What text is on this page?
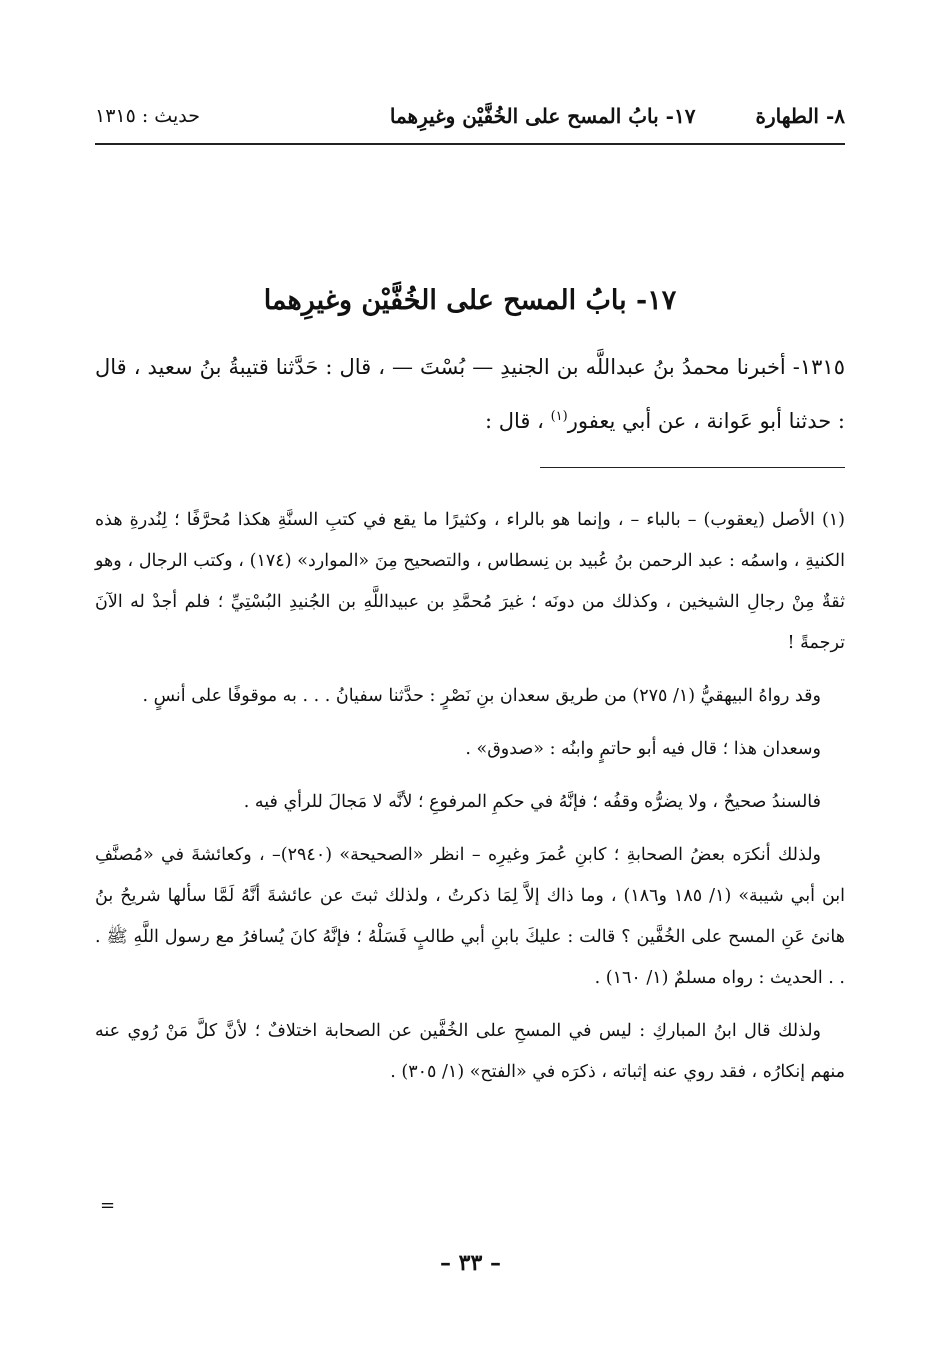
٨- الطهارة
١٧- بابُ المسح على الخُفَّيْن وغيرِهما
حديث : ١٣١٥
١٧- بابُ المسح على الخُفَّيْن وغيرِهما
١٣١٥- أخبرنا محمدُ بنُ عبداللَّه بن الجنيدِ — بُسْتَ — ، قال : حَدَّثنا قتيبةُ بنُ سعيد ، قال : حدثنا أبو عَوانة ، عن أبي يعفور$^{(١)}$ ، قال :

(١) الأصل (يعقوب) – بالباء – ، وإنما هو بالراء ، وكثيرًا ما يقع في كتبِ السنَّةِ هكذا مُحرَّفًا ؛ لِنُدرةِ هذه الكنيةِ ، واسمُه : عبد الرحمن بنُ عُبيد بن نِسطاس ، والتصحيح مِنَ «الموارد» (١٧٤) ، وكتب الرجال ، وهو ثقةٌ مِنْ رجالِ الشيخين ، وكذلك من دونَه ؛ غيرَ مُحمَّدِ بن عبيداللَّهِ بن الجُنيدِ البُسْتِيِّ ؛ فلم أجدْ له الآنَ ترجمةً !

وقد رواهُ البيهقيُّ (١/ ٢٧٥) من طريق سعدان بنِ نَصْرٍ : حدَّثنا سفيانُ . . . به موقوفًا على أنسٍ .

وسعدان هذا ؛ قال فيه أبو حاتمٍ وابنُه : «صدوق» .

فالسندُ صحيحٌ ، ولا يضرُّه وقفُه ؛ فإنَّهُ في حكمِ المرفوعِ ؛ لأنَّه لا مَجالَ للرأي فيه .

ولذلك أنكرَه بعضُ الصحابةِ ؛ كابنِ عُمرَ وغيرِه – انظر «الصحيحة» (٢٩٤٠)– ، وكعائشةَ في «مُصنَّفِ ابن أبي شيبة» (١/ ١٨٥ و١٨٦) ، وما ذاك إلاَّ لِمَا ذكرتُ ، ولذلك ثبتَ عن عائشةَ أنَّهُ لَمَّا سألها شريحُ بنُ هانئ عَنِ المسح على الخُفَّين ؟ قالت : عليكَ بابنِ أبي طالبٍ فَسَلْهُ ؛ فإنَّهُ كانَ يُسافرُ مع رسول اللَّهِ ﷺ . . . الحديث : رواه مسلمٌ (١/ ١٦٠) .

ولذلك قال ابنُ المباركِ : ليس في المسحِ على الخُفَّين عن الصحابة اختلافٌ ؛ لأنَّ كلَّ مَنْ رُوي عنه منهم إنكارُه ، فقد روي عنه إثباته ، ذكرَه في «الفتح» (١/ ٣٠٥) .

=
– ٣٣ –
